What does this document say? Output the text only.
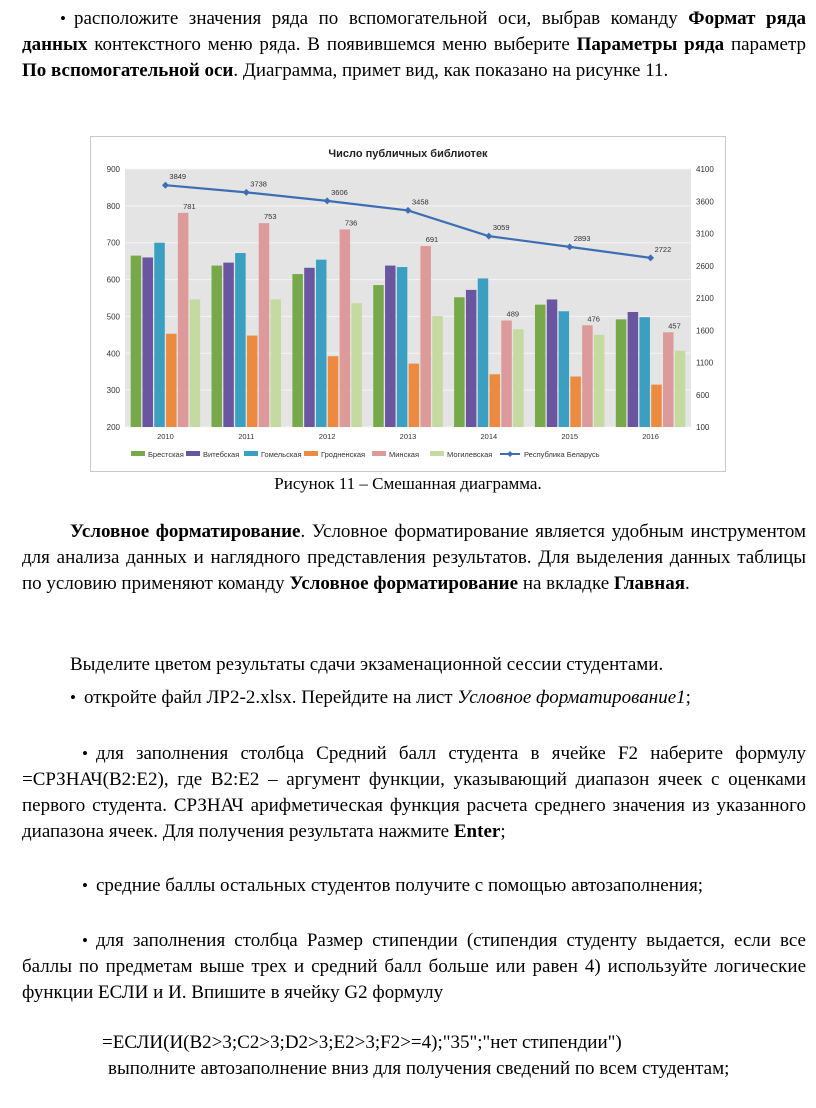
• расположите значения ряда по вспомогательной оси, выбрав команду Формат ряда данных контекстного меню ряда. В появившемся меню выберите Параметры ряда параметр По вспомогательной оси. Диаграмма, примет вид, как показано на рисунке 11.
200
300
400
500
600
700
800
900
100
600
1100
1600
2100
2600
3100
3600
4100
Число публичных библиотек
781
2010
753
2011
736
2012
691
2013
489
2014
476
2015
457
2016
3849
3738
3606
3458
3059
2893
2722
Брестская	Витебская	Гомельская	Гродненская	Минская	Могилевская	Республика Беларусь
Рисунок 11 – Смешанная диаграмма.
Условное форматирование. Условное форматирование является удобным инструментом для анализа данных и наглядного представления результатов. Для выделения данных таблицы по условию применяют команду Условное форматирование на вкладке Главная.
Выделите цветом результаты сдачи экзаменационной сессии студентами.
• откройте файл ЛР2-2.xlsx. Перейдите на лист Условное форматирование1;
• для заполнения столбца Средний балл студента в ячейке F2 наберите формулу =СРЗНАЧ(B2:E2), где B2:E2 – аргумент функции, указывающий диапазон ячеек с оценками первого студента. СРЗНАЧ арифметическая функция расчета среднего значения из указанного диапазона ячеек. Для получения результата нажмите Enter;
• средние баллы остальных студентов получите с помощью автозаполнения;
• для заполнения столбца Размер стипендии (стипендия студенту выдается, если все баллы по предметам выше трех и средний балл больше или равен 4) используйте логические функции ЕСЛИ и И. Впишите в ячейку G2 формулу
=ЕСЛИ(И(B2>3;C2>3;D2>3;E2>3;F2>=4);"35";"нет стипендии")
выполните автозаполнение вниз для получения сведений по всем студентам;
